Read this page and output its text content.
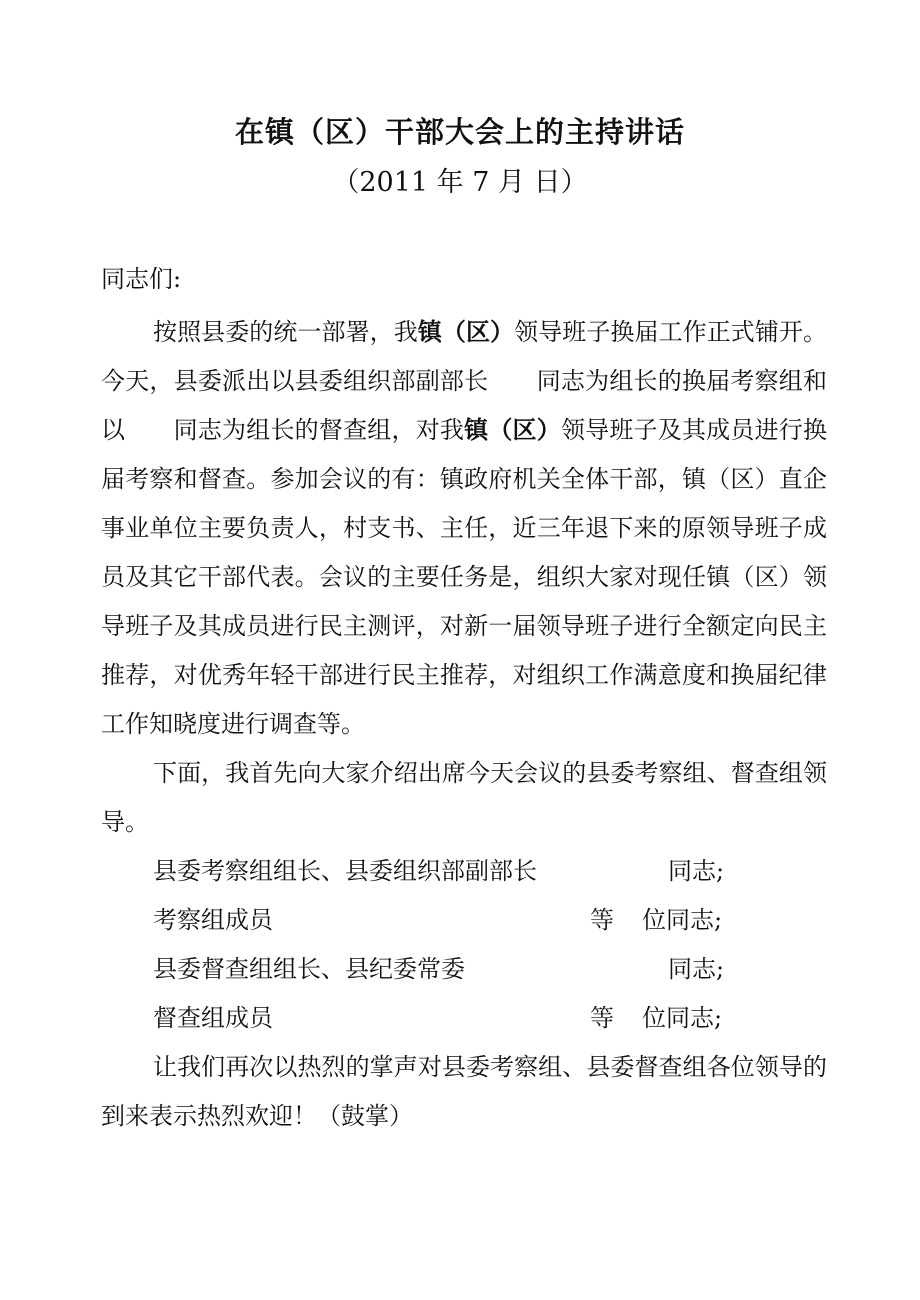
在镇（区）干部大会上的主持讲话
（2011 年 7 月 日）

同志们:

按照县委的统一部署，我镇（区）领导班子换届工作正式铺开。今天，县委派出以县委组织部副部长　　同志为组长的换届考察组和以　　同志为组长的督查组，对我镇（区）领导班子及其成员进行换届考察和督查。参加会议的有：镇政府机关全体干部，镇（区）直企事业单位主要负责人，村支书、主任，近三年退下来的原领导班子成员及其它干部代表。会议的主要任务是，组织大家对现任镇（区）领导班子及其成员进行民主测评，对新一届领导班子进行全额定向民主推荐，对优秀年轻干部进行民主推荐，对组织工作满意度和换届纪律工作知晓度进行调查等。

下面，我首先向大家介绍出席今天会议的县委考察组、督查组领导。

县委考察组组长、县委组织部副部长	同志;
考察组成员	等 位同志;
县委督查组组长、县纪委常委	同志;
督查组成员	等 位同志;

让我们再次以热烈的掌声对县委考察组、县委督查组各位领导的到来表示热烈欢迎！（鼓掌）
